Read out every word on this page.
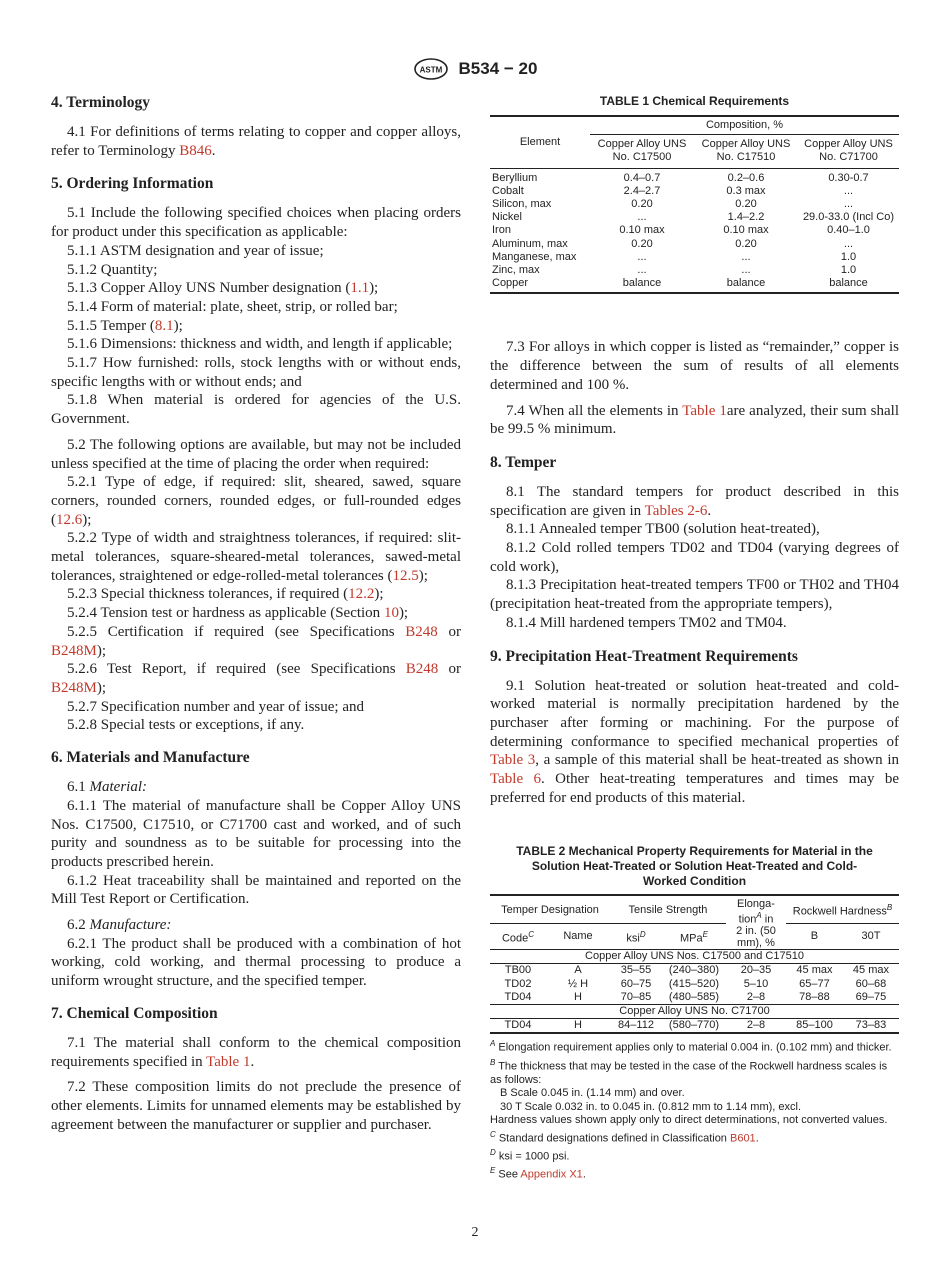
ASTM B534 − 20
4. Terminology

4.1 For definitions of terms relating to copper and copper alloys, refer to Terminology B846.

5. Ordering Information

5.1 Include the following specified choices when placing orders for product under this specification as applicable:

5.1.1 ASTM designation and year of issue;

5.1.2 Quantity;

5.1.3 Copper Alloy UNS Number designation (1.1);

5.1.4 Form of material: plate, sheet, strip, or rolled bar;

5.1.5 Temper (8.1);

5.1.6 Dimensions: thickness and width, and length if applicable;

5.1.7 How furnished: rolls, stock lengths with or without ends, specific lengths with or without ends; and

5.1.8 When material is ordered for agencies of the U.S. Government.

5.2 The following options are available, but may not be included unless specified at the time of placing the order when required:

5.2.1 Type of edge, if required: slit, sheared, sawed, square corners, rounded corners, rounded edges, or full-rounded edges (12.6);

5.2.2 Type of width and straightness tolerances, if required: slit-metal tolerances, square-sheared-metal tolerances, sawed-metal tolerances, straightened or edge-rolled-metal tolerances (12.5);

5.2.3 Special thickness tolerances, if required (12.2);

5.2.4 Tension test or hardness as applicable (Section 10);

5.2.5 Certification if required (see Specifications B248 or B248M);

5.2.6 Test Report, if required (see Specifications B248 or B248M);

5.2.7 Specification number and year of issue; and

5.2.8 Special tests or exceptions, if any.

6. Materials and Manufacture

6.1 Material:

6.1.1 The material of manufacture shall be Copper Alloy UNS Nos. C17500, C17510, or C71700 cast and worked, and of such purity and soundness as to be suitable for processing into the products prescribed herein.

6.1.2 Heat traceability shall be maintained and reported on the Mill Test Report or Certification.

6.2 Manufacture:

6.2.1 The product shall be produced with a combination of hot working, cold working, and thermal processing to produce a uniform wrought structure, and the specified temper.

7. Chemical Composition

7.1 The material shall conform to the chemical composition requirements specified in Table 1.

7.2 These composition limits do not preclude the presence of other elements. Limits for unnamed elements may be established by agreement between the manufacturer or supplier and purchaser.

TABLE 1 Chemical Requirements
Element	Composition, %		
	Copper Alloy UNS No. C17500	Copper Alloy UNS No. C17510	Copper Alloy UNS No. C71700
Beryllium	0.4–0.7	0.2–0.6	0.30-0.7
Cobalt	2.4–2.7	0.3 max	...
Silicon, max	0.20	0.20	...
Nickel	...	1.4–2.2	29.0-33.0 (Incl Co)
Iron	0.10 max	0.10 max	0.40–1.0
Aluminum, max	0.20	0.20	...
Manganese, max	...	...	1.0
Zinc, max	...	...	1.0
Copper	balance	balance	balance

7.3 For alloys in which copper is listed as “remainder,” copper is the difference between the sum of results of all elements determined and 100 %.

7.4 When all the elements in Table 1are analyzed, their sum shall be 99.5 % minimum.

8. Temper

8.1 The standard tempers for product described in this specification are given in Tables 2-6.

8.1.1 Annealed temper TB00 (solution heat-treated),

8.1.2 Cold rolled tempers TD02 and TD04 (varying degrees of cold work),

8.1.3 Precipitation heat-treated tempers TF00 or TH02 and TH04 (precipitation heat-treated from the appropriate tempers),

8.1.4 Mill hardened tempers TM02 and TM04.

9. Precipitation Heat-Treatment Requirements

9.1 Solution heat-treated or solution heat-treated and cold-worked material is normally precipitation hardened by the purchaser after forming or machining. For the purpose of determining conformance to specified mechanical properties of Table 3, a sample of this material shall be heat-treated as shown in Table 6. Other heat-treating temperatures and times may be preferred for end products of this material.

TABLE 2 Mechanical Property Requirements for Material in the Solution Heat-Treated or Solution Heat-Treated and Cold-Worked Condition
Temper Designation		Tensile Strength		Elonga-
tion$^A$ in
2 in. (50 mm), %	Rockwell Hardness$^B$
Code$^C$	Name	ksi$^D$	MPa$^E$		B	30T
Copper Alloy UNS Nos. C17500 and C17510						
TB00	A	35–55	(240–380)	20–35	45 max	45 max
TD02	½ H	60–75	(415–520)	5–10	65–77	60–68
TD04	H	70–85	(480–585)	2–8	78–88	69–75
Copper Alloy UNS No. C71700						
TD04	H	84–112	(580–770)	2–8	85–100	73–83
$^A$ Elongation requirement applies only to material 0.004 in. (0.102 mm) and thicker.
$^B$ The thickness that may be tested in the case of the Rockwell hardness scales is as follows:
B Scale 0.045 in. (1.14 mm) and over.
30 T Scale 0.032 in. to 0.045 in. (0.812 mm to 1.14 mm), excl.
Hardness values shown apply only to direct determinations, not converted values.
$^C$ Standard designations defined in Classification B601.
$^D$ ksi = 1000 psi.
$^E$ See Appendix X1.
2
